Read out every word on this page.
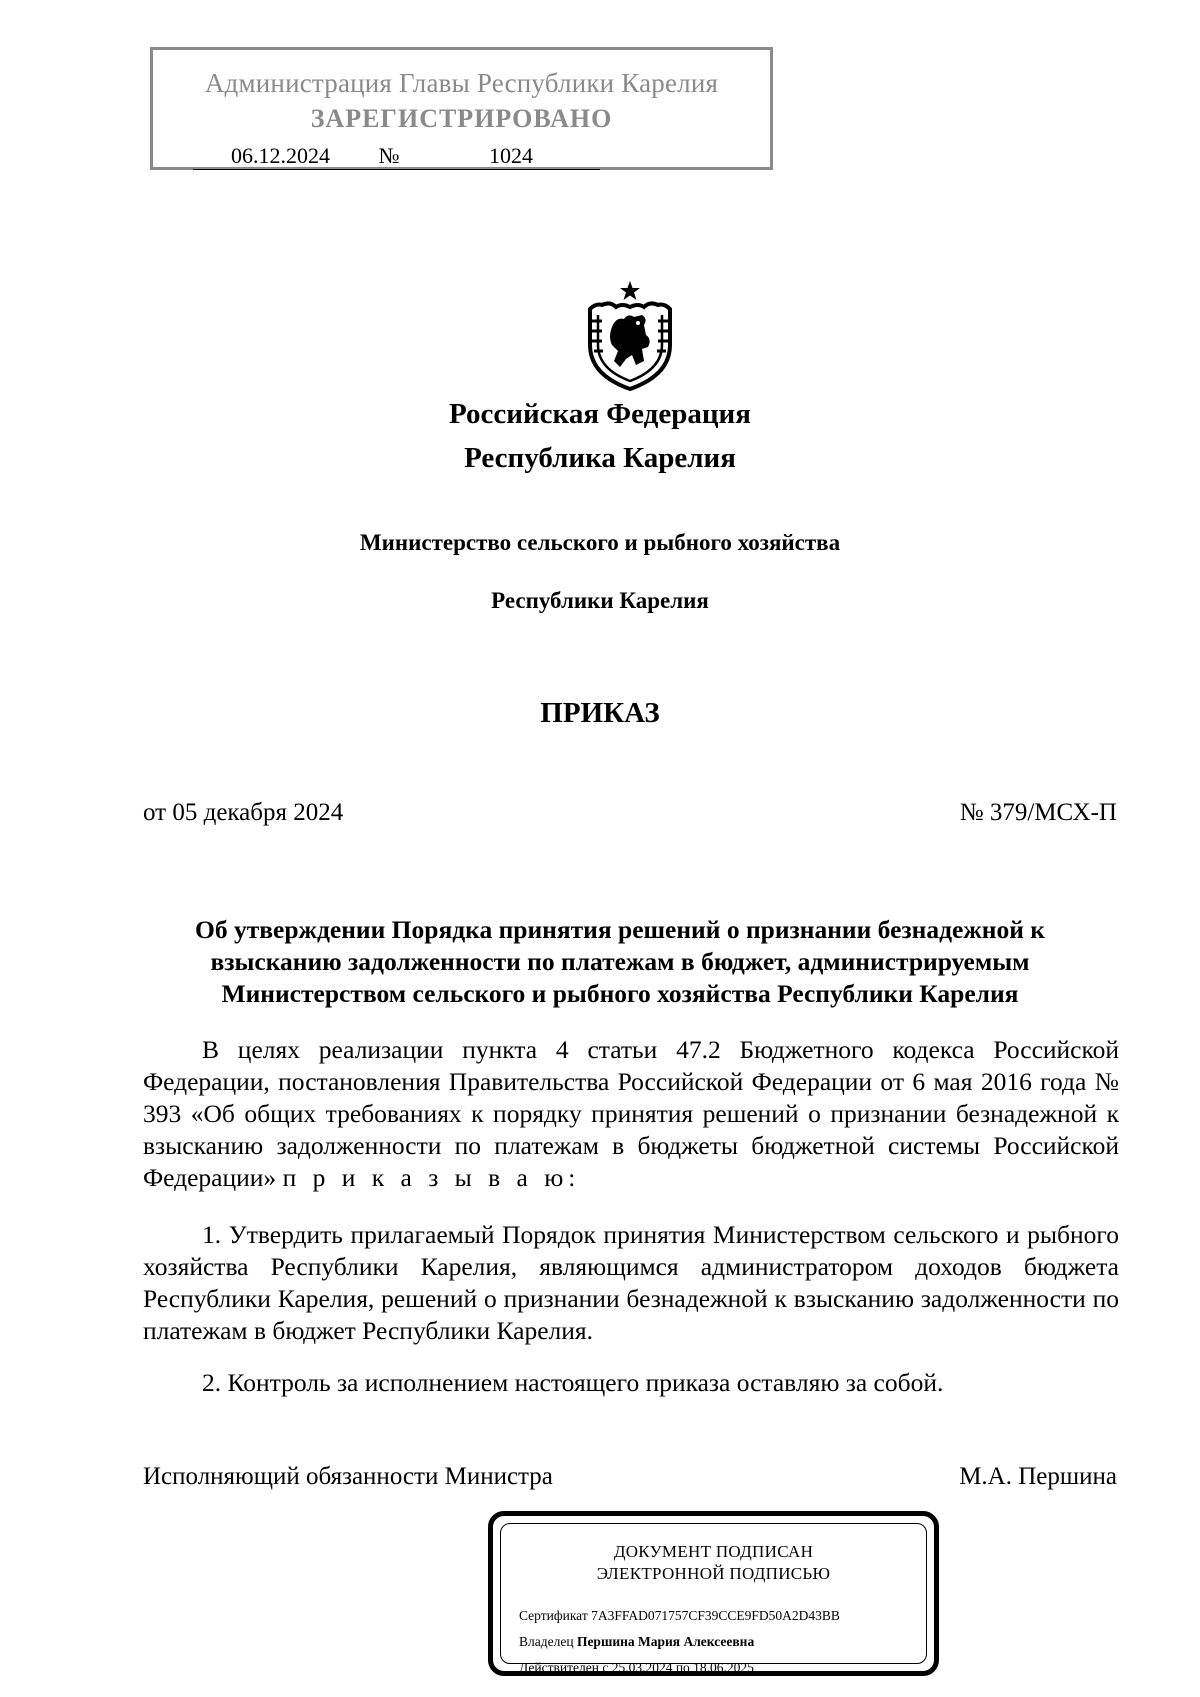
Администрация Главы Республики Карелия
ЗАРЕГИСТРИРОВАНО
06.12.2024	№	1024
Российская Федерация
Республика Карелия
Министерство сельского и рыбного хозяйства
Республики Карелия
ПРИКАЗ
от 05 декабря 2024	№ 379/МСХ-П
Об утверждении Порядка принятия решений о признании безнадежной к взысканию задолженности по платежам в бюджет, администрируемым Министерством сельского и рыбного хозяйства Республики Карелия
В целях реализации пункта 4 статьи 47.2 Бюджетного кодекса Российской Федерации, постановления Правительства Российской Федерации от 6 мая 2016 года № 393 «Об общих требованиях к порядку принятия решений о признании безнадежной к взысканию задолженности по платежам в бюджеты бюджетной системы Российской Федерации» п р и к а з ы в а ю:
1. Утвердить прилагаемый Порядок принятия Министерством сельского и рыбного хозяйства Республики Карелия, являющимся администратором доходов бюджета Республики Карелия, решений о признании безнадежной к взысканию задолженности по платежам в бюджет Республики Карелия.
2. Контроль за исполнением настоящего приказа оставляю за собой.
Исполняющий обязанности Министра	М.А. Першина
ДОКУМЕНТ ПОДПИСАН
ЭЛЕКТРОННОЙ ПОДПИСЬЮ
Сертификат 7A3FFAD071757CF39CCE9FD50A2D43BB
Владелец Першина Мария Алексеевна
Действителен с 25.03.2024 по 18.06.2025
